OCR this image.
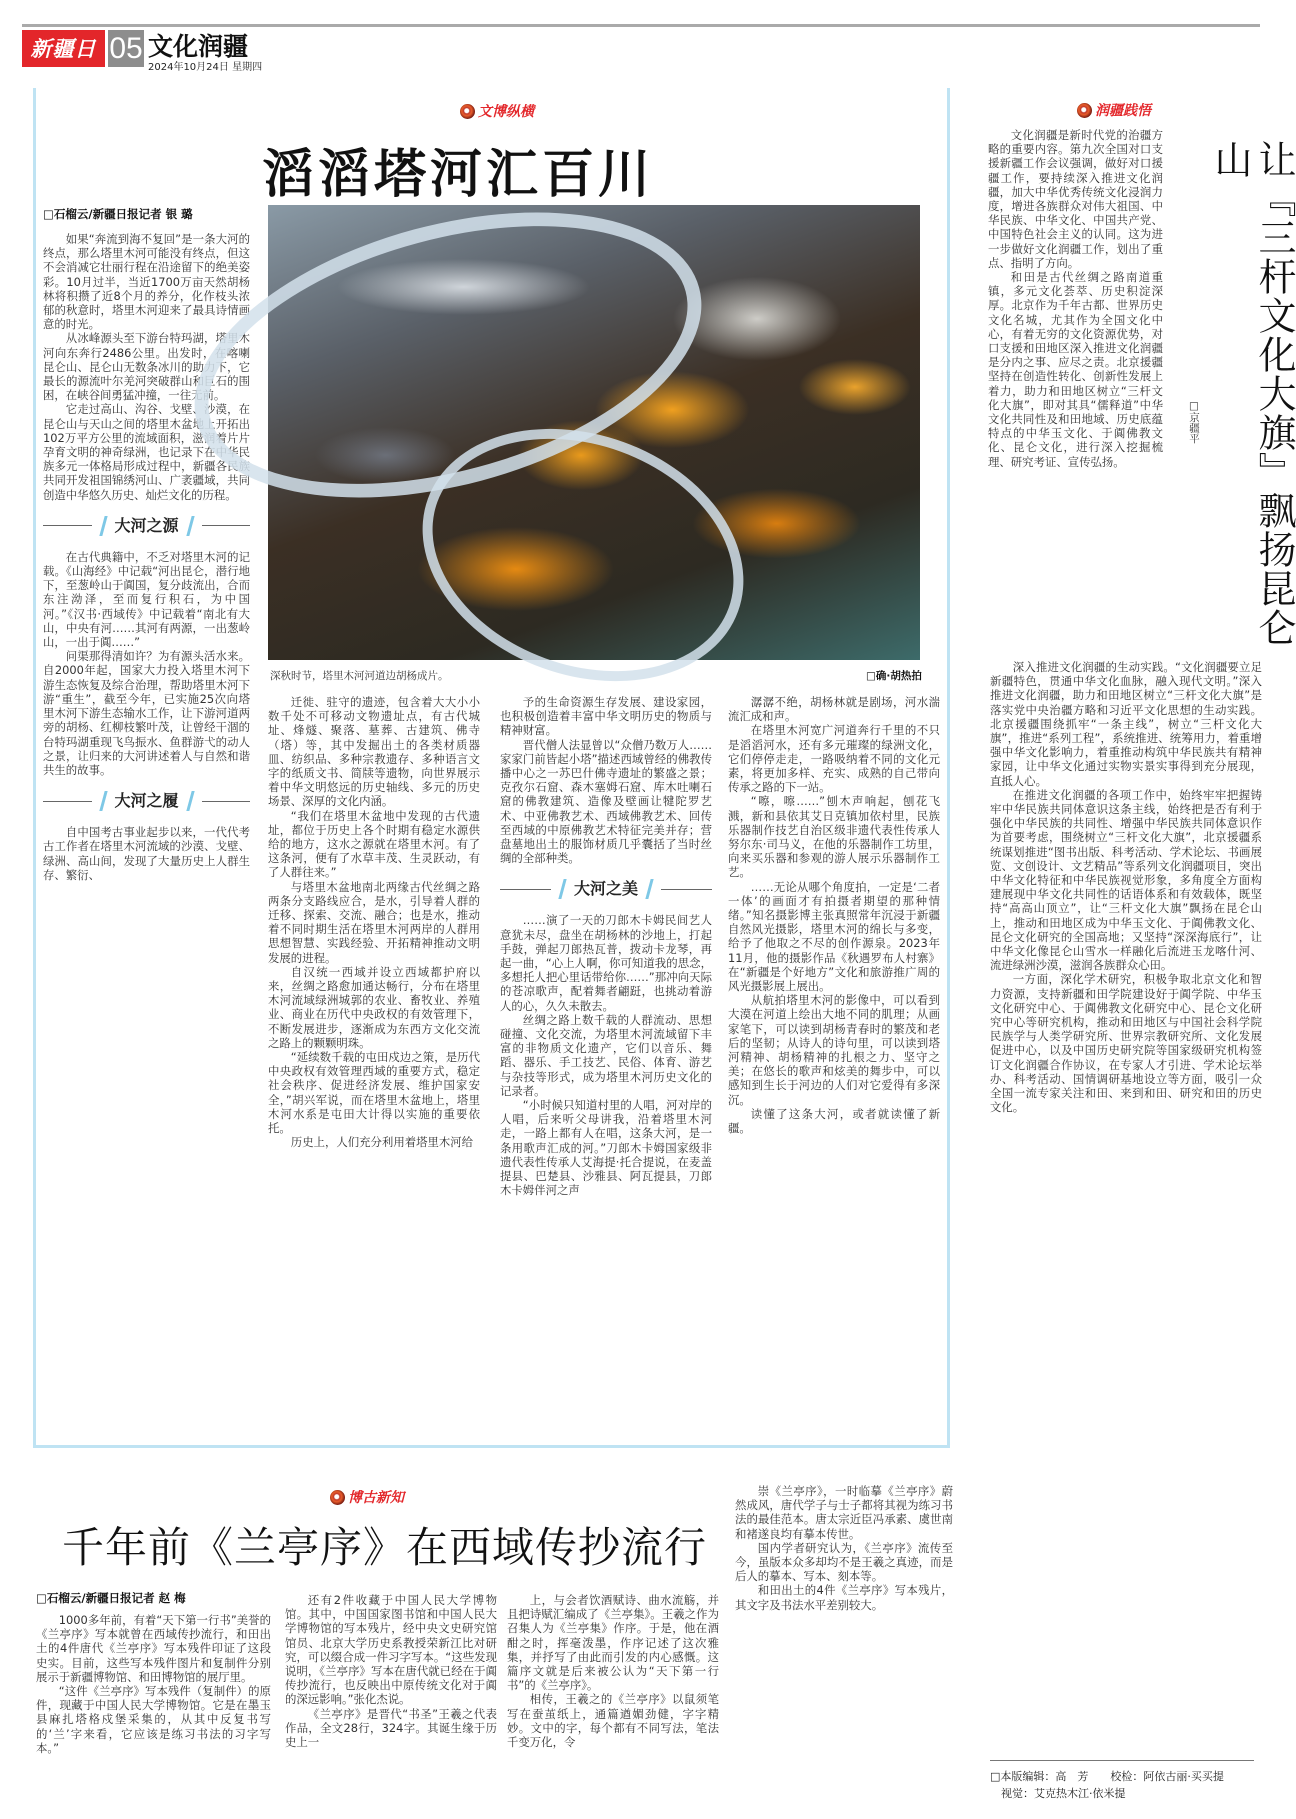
新疆日报
05 文化润疆
2024年10月24日 星期四
文博纵横
滔滔塔河汇百川
□石榴云/新疆日报记者 银 璐

如果“奔流到海不复回”是一条大河的终点，那么塔里木河可能没有终点，但这不会消减它壮丽行程在沿途留下的绝美姿彩。10月过半，当近1700万亩天然胡杨林将积攒了近8个月的养分，化作枝头浓郁的秋意时，塔里木河迎来了最具诗情画意的时光。

从冰峰源头至下游台特玛湖，塔里木河向东奔行2486公里。出发时，在喀喇昆仑山、昆仑山无数条冰川的助力下，它最长的源流叶尔羌河突破群山和巨石的围困，在峡谷间勇猛冲撞，一往无前。

它走过高山、沟谷、戈壁、沙漠，在昆仑山与天山之间的塔里木盆地上开拓出102万平方公里的流域面积，滋润着片片孕育文明的神奇绿洲，也记录下在中华民族多元一体格局形成过程中，新疆各民族共同开发祖国锦绣河山、广袤疆域，共同创造中华悠久历史、灿烂文化的历程。

大河之源

在古代典籍中，不乏对塔里木河的记载。《山海经》中记载“河出昆仑，潜行地下，至葱岭山于阗国，复分歧流出，合而东注泑泽，至而复行积石，为中国河。”《汉书·西域传》中记载着“南北有大山，中央有河……其河有两源，一出葱岭山，一出于阗……”

问渠那得清如许？为有源头活水来。自2000年起，国家大力投入塔里木河下游生态恢复及综合治理，帮助塔里木河下游“重生”，截至今年，已实施25次向塔里木河下游生态输水工作，让下游河道两旁的胡杨、红柳枝繁叶茂，让曾经干涸的台特玛湖重现飞鸟振水、鱼群游弋的动人之景，让归来的大河讲述着人与自然和谐共生的故事。

大河之履

自中国考古事业起步以来，一代代考古工作者在塔里木河流域的沙漠、戈壁、绿洲、高山间，发现了大量历史上人群生存、繁衍、

深秋时节，塔里木河河道边胡杨成片。	□确·胡热拍

迁徙、驻守的遗迹，包含着大大小小数千处不可移动文物遗址点，有古代城址、烽燧、聚落、墓葬、古建筑、佛寺（塔）等，其中发掘出土的各类材质器皿、纺织品、多种宗教遗存、多种语言文字的纸质文书、简牍等遗物，向世界展示着中华文明悠远的历史轴线、多元的历史场景、深厚的文化内涵。

“我们在塔里木盆地中发现的古代遗址，都位于历史上各个时期有稳定水源供给的地方，这水之源就在塔里木河。有了这条河，便有了水草丰茂、生灵跃动，有了人群往来。”

与塔里木盆地南北两缘古代丝绸之路两条分支路线应合，是水，引导着人群的迁移、探索、交流、融合；也是水，推动着不同时期生活在塔里木河两岸的人群用思想智慧、实践经验、开拓精神推动文明发展的进程。

自汉统一西域并设立西域都护府以来，丝绸之路愈加通达畅行，分布在塔里木河流域绿洲城郭的农业、畜牧业、养殖业、商业在历代中央政权的有效管理下，不断发展进步，逐渐成为东西方文化交流之路上的颗颗明珠。

“延续数千载的屯田戍边之策，是历代中央政权有效管理西域的重要方式，稳定社会秩序、促进经济发展、维护国家安全，”胡兴军说，而在塔里木盆地上，塔里木河水系是屯田大计得以实施的重要依托。

历史上，人们充分利用着塔里木河给

予的生命资源生存发展、建设家园，也积极创造着丰富中华文明历史的物质与精神财富。

晋代僧人法显曾以“众僧乃数万人……家家门前皆起小塔”描述西域曾经的佛教传播中心之一苏巴什佛寺遗址的繁盛之景；克孜尔石窟、森木塞姆石窟、库木吐喇石窟的佛教建筑、造像及壁画让犍陀罗艺术、中亚佛教艺术、西域佛教艺术、回传至西域的中原佛教艺术特征完美并存；营盘墓地出土的服饰材质几乎囊括了当时丝绸的全部种类。

大河之美

……演了一天的刀郎木卡姆民间艺人意犹未尽，盘坐在胡杨林的沙地上，打起手鼓，弹起刀郎热瓦普，拨动卡龙琴，再起一曲，“心上人啊，你可知道我的思念，多想托人把心里话带给你……”那冲向天际的苍凉歌声，配着舞者翩跹，也挑动着游人的心，久久未散去。

丝绸之路上数千载的人群流动、思想碰撞、文化交流，为塔里木河流域留下丰富的非物质文化遗产，它们以音乐、舞蹈、器乐、手工技艺、民俗、体育、游艺与杂技等形式，成为塔里木河历史文化的记录者。

“小时候只知道村里的人唱，河对岸的人唱，后来听父母讲我，沿着塔里木河走，一路上都有人在唱，这条大河，是一条用歌声汇成的河。”刀郎木卡姆国家级非遗代表性传承人艾海提·托合提说，在麦盖提县、巴楚县、沙雅县、阿瓦提县，刀郎木卡姆伴河之声

潺潺不绝，胡杨林就是剧场，河水湍流汇成和声。

在塔里木河宽广河道奔行千里的不只是滔滔河水，还有多元璀璨的绿洲文化，它们停停走走，一路吸纳着不同的文化元素，将更加多样、充实、成熟的自己带向传承之路的下一站。

“嚓，嚓……”刨木声响起，刨花飞溅，新和县依其艾日克镇加依村里，民族乐器制作技艺自治区级非遗代表性传承人努尔东·司马义，在他的乐器制作工坊里，向来买乐器和参观的游人展示乐器制作工艺。

……无论从哪个角度拍，一定是‘二者一体’的画面才有拍摄者期望的那种情绪。”知名摄影博主张真照常年沉浸于新疆自然风光摄影，塔里木河的绵长与多变，给予了他取之不尽的创作源泉。2023年11月，他的摄影作品《秋遇罗布人村寨》在“新疆是个好地方”文化和旅游推广周的风光摄影展上展出。

从航拍塔里木河的影像中，可以看到大漠在河道上绘出大地不同的肌理；从画家笔下，可以读到胡杨青春时的繁茂和老后的坚韧；从诗人的诗句里，可以读到塔河精神、胡杨精神的扎根之力、坚守之美；在悠长的歌声和炫美的舞步中，可以感知到生长于河边的人们对它爱得有多深沉。

读懂了这条大河，或者就读懂了新疆。

润疆践悟
让『三杆文化大旗』飘扬昆仑山
□京疆平

文化润疆是新时代党的治疆方略的重要内容。第九次全国对口支援新疆工作会议强调，做好对口援疆工作，要持续深入推进文化润疆，加大中华优秀传统文化浸润力度，增进各族群众对伟大祖国、中华民族、中华文化、中国共产党、中国特色社会主义的认同。这为进一步做好文化润疆工作，划出了重点、指明了方向。

和田是古代丝绸之路南道重镇，多元文化荟萃、历史积淀深厚。北京作为千年古都、世界历史文化名城，尤其作为全国文化中心，有着无穷的文化资源优势，对口支援和田地区深入推进文化润疆是分内之事、应尽之责。北京援疆坚持在创造性转化、创新性发展上着力，助力和田地区树立“三杆文化大旗”，即对其具“儒释道”中华文化共同性及和田地域、历史底蕴特点的中华玉文化、于阗佛教文化、昆仑文化，进行深入挖掘梳理、研究考证、宣传弘扬。

深入推进文化润疆的生动实践。“文化润疆要立足新疆特色，贯通中华文化血脉，融入现代文明。”深入推进文化润疆，助力和田地区树立“三杆文化大旗”是落实党中央治疆方略和习近平文化思想的生动实践。北京援疆围绕抓牢“一条主线”，树立“三杆文化大旗”，推进“系列工程”，系统推进、统筹用力，着重增强中华文化影响力，着重推动构筑中华民族共有精神家园，让中华文化通过实物实景实事得到充分展现，直抵人心。

在推进文化润疆的各项工作中，始终牢牢把握铸牢中华民族共同体意识这条主线，始终把是否有利于强化中华民族的共同性、增强中华民族共同体意识作为首要考虑，围绕树立“三杆文化大旗”，北京援疆系统谋划推进“图书出版、科考活动、学术论坛、书画展览、文创设计、文艺精品”等系列文化润疆项目，突出中华文化特征和中华民族视觉形象，多角度全方面构建展现中华文化共同性的话语体系和有效载体，既坚持“高高山顶立”，让“三杆文化大旗”飘扬在昆仑山上，推动和田地区成为中华玉文化、于阗佛教文化、昆仑文化研究的全国高地；又坚持“深深海底行”，让中华文化像昆仑山雪水一样融化后流进玉龙喀什河、流进绿洲沙漠，滋润各族群众心田。

一方面，深化学术研究，积极争取北京文化和智力资源，支持新疆和田学院建设好于阗学院、中华玉文化研究中心、于阗佛教文化研究中心、昆仑文化研究中心等研究机构，推动和田地区与中国社会科学院民族学与人类学研究所、世界宗教研究所、文化发展促进中心，以及中国历史研究院等国家级研究机构签订文化润疆合作协议，在专家人才引进、学术论坛举办、科考活动、国情调研基地设立等方面，吸引一众全国一流专家关注和田、来到和田、研究和田的历史文化。

博古新知
千年前《兰亭序》在西域传抄流行
□石榴云/新疆日报记者 赵 梅

1000多年前，有着“天下第一行书”美誉的《兰亭序》写本就曾在西域传抄流行，和田出土的4件唐代《兰亭序》写本残件印证了这段史实。目前，这些写本残件图片和复制件分别展示于新疆博物馆、和田博物馆的展厅里。

“这件《兰亭序》写本残件（复制件）的原件，现藏于中国人民大学博物馆。它是在墨玉县麻扎塔格戍堡采集的，从其中反复书写的‘兰’字来看，它应该是练习书法的习字写本。”

还有2件收藏于中国人民大学博物馆。其中，中国国家图书馆和中国人民大学博物馆的写本残片，经中央文史研究馆馆员、北京大学历史系教授荣新江比对研究，可以缀合成一件习字写本。“这些发现说明，《兰亭序》写本在唐代就已经在于阗传抄流行，也反映出中原传统文化对于阗的深远影响。”张化杰说。

《兰亭序》是晋代“书圣”王羲之代表作品，全文28行，324字。其诞生缘于历史上一

上，与会者饮酒赋诗、曲水流觞，并且把诗赋汇编成了《兰亭集》。王羲之作为召集人为《兰亭集》作序。于是，他在酒酣之时，挥毫泼墨，作序记述了这次雅集，并抒写了由此而引发的内心感慨。这篇序文就是后来被公认为“天下第一行书”的《兰亭序》。

相传，王羲之的《兰亭序》以鼠须笔写在蚕茧纸上，通篇遒媚劲健，字字精妙。文中的字，每个都有不同写法，笔法千变万化，令

崇《兰亭序》，一时临摹《兰亭序》蔚然成风，唐代学子与士子都将其视为练习书法的最佳范本。唐太宗近臣冯承素、虞世南和褚遂良均有摹本传世。

国内学者研究认为，《兰亭序》流传至今，虽版本众多却均不是王羲之真迹，而是后人的摹本、写本、刻本等。

和田出土的4件《兰亭序》写本残片，其文字及书法水平差别较大。

□本版编辑：高　芳　　校检：阿依古丽·买买提
视觉：艾克热木江·依米提
